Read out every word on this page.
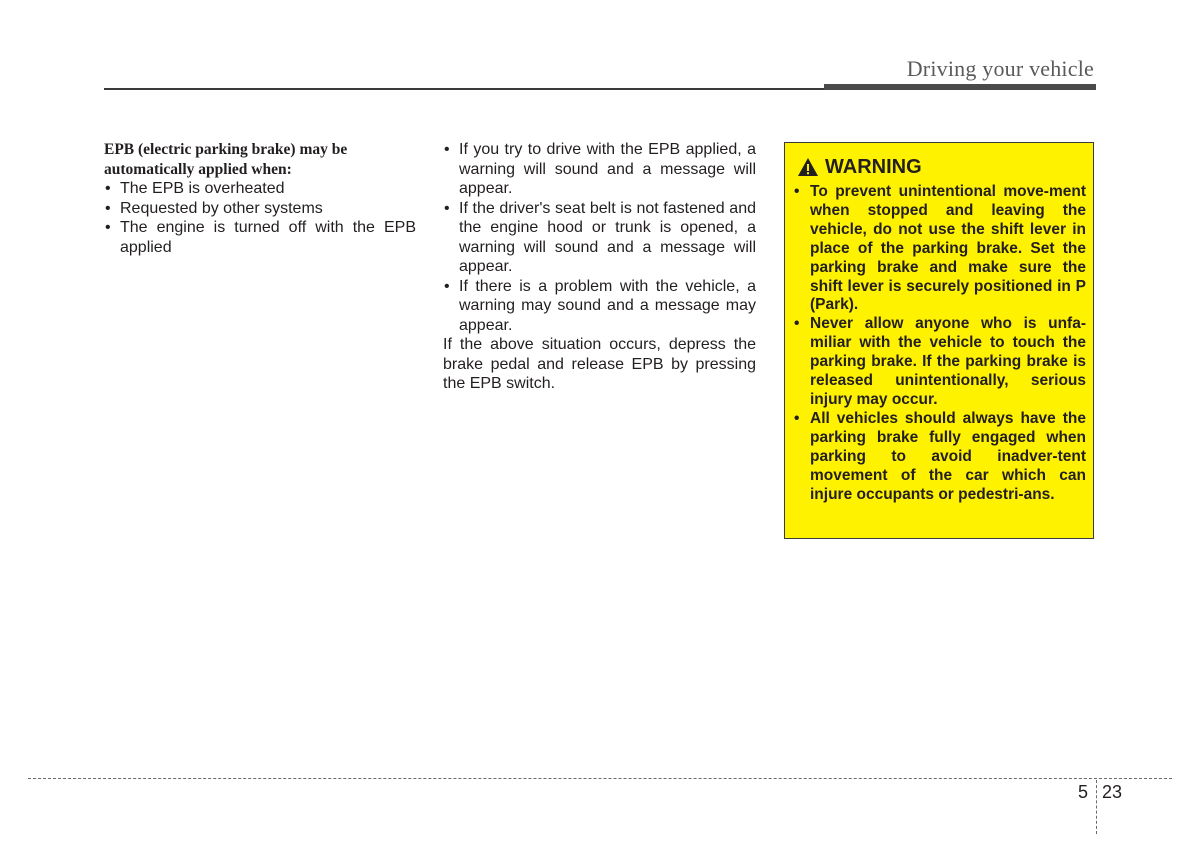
Driving your vehicle

EPB (electric parking brake) may be automatically applied when:

• The EPB is overheated
• Requested by other systems
• The engine is turned off with the EPB applied
• If you try to drive with the EPB applied, a warning will sound and a message will appear.
• If the driver's seat belt is not fastened and the engine hood or trunk is opened, a warning will sound and a message will appear.
• If there is a problem with the vehicle, a warning may sound and a message may appear.

If the above situation occurs, depress the brake pedal and release EPB by pressing the EPB switch.

WARNING
• To prevent unintentional move-ment when stopped and leaving the vehicle, do not use the shift lever in place of the parking brake. Set the parking brake and make sure the shift lever is securely positioned in P (Park).
• Never allow anyone who is unfa-miliar with the vehicle to touch the parking brake. If the parking brake is released unintentionally, serious injury may occur.
• All vehicles should always have the parking brake fully engaged when parking to avoid inadver-tent movement of the car which can injure occupants or pedestri-ans.
5 23
